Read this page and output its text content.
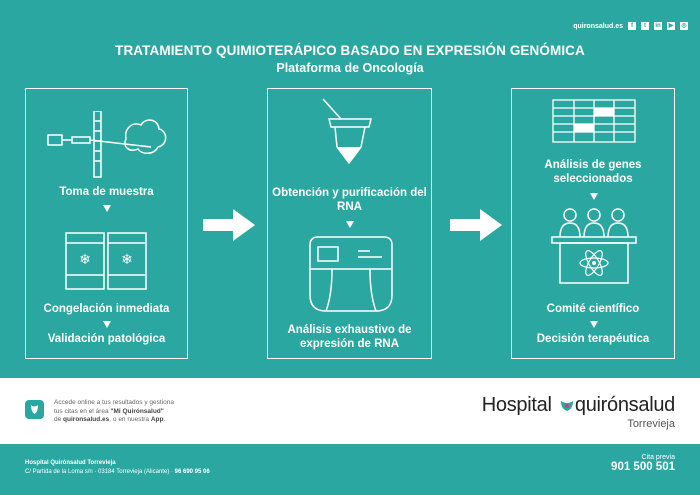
quironsalud.es	f	t	in ▶ ◎
TRATAMIENTO QUIMIOTERÁPICO BASADO EN EXPRESIÓN GENÓMICA
Plataforma de Oncología
Toma de muestra
❄ ❄
Congelación inmediata
Validación patológica
Obtención y purificación del RNA
Análisis exhaustivo de expresión de RNA
Análisis de genes seleccionados
Comité científico
Decisión terapéutica
Accede online a tus resultados y gestiona
tus citas en el área "Mi Quirónsalud"
de quironsalud.es, o en nuestra App.
Hospital quirónsalud
Torrevieja
Hospital Quirónsalud Torrevieja
C/ Partida de la Loma s/n · 03184 Torrevieja (Alicante) · 96 690 95 06
Cita previa
901 500 501
